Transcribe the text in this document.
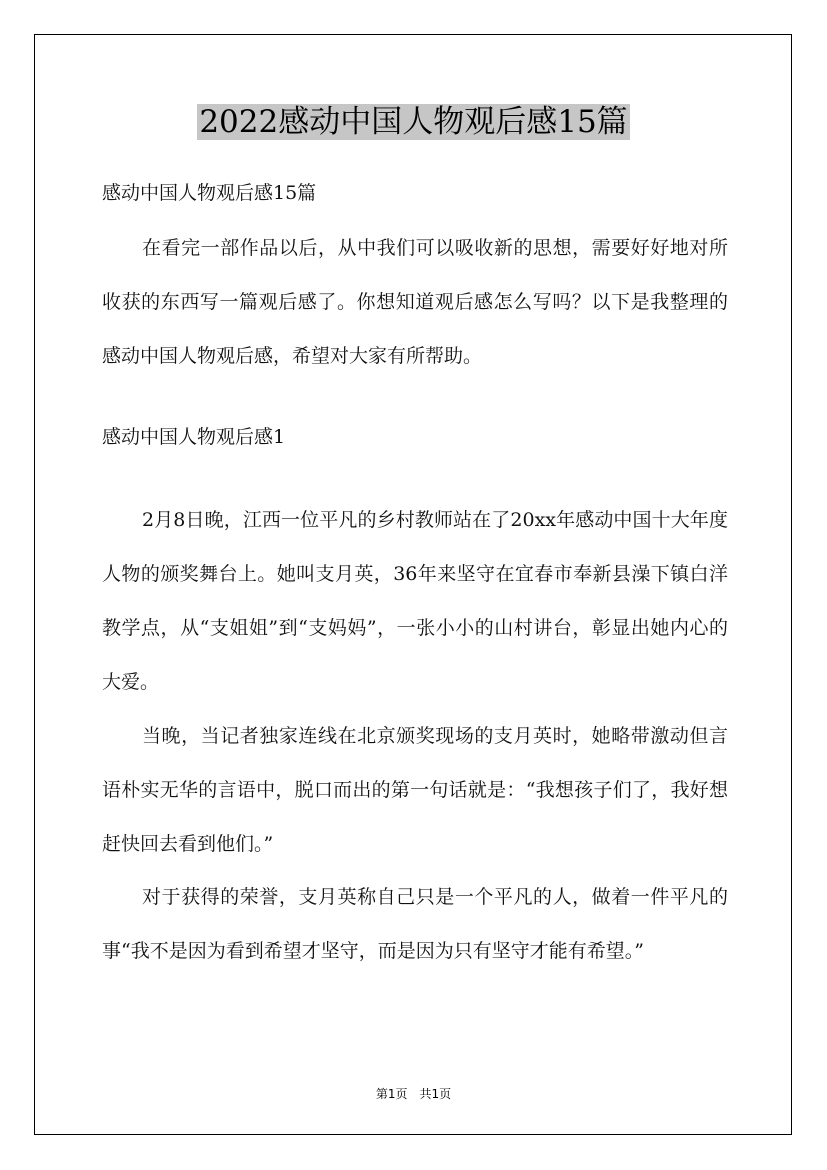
2022感动中国人物观后感15篇

感动中国人物观后感15篇

在看完一部作品以后，从中我们可以吸收新的思想，需要好好地对所收获的东西写一篇观后感了。你想知道观后感怎么写吗？以下是我整理的感动中国人物观后感，希望对大家有所帮助。

感动中国人物观后感1

2月8日晚，江西一位平凡的乡村教师站在了20xx年感动中国十大年度人物的颁奖舞台上。她叫支月英，36年来坚守在宜春市奉新县澡下镇白洋教学点，从“支姐姐”到“支妈妈”，一张小小的山村讲台，彰显出她内心的大爱。

当晚，当记者独家连线在北京颁奖现场的支月英时，她略带激动但言语朴实无华的言语中，脱口而出的第一句话就是：“我想孩子们了，我好想赶快回去看到他们。”

对于获得的荣誉，支月英称自己只是一个平凡的人，做着一件平凡的事“我不是因为看到希望才坚守，而是因为只有坚守才能有希望。”

第1页　共1页
